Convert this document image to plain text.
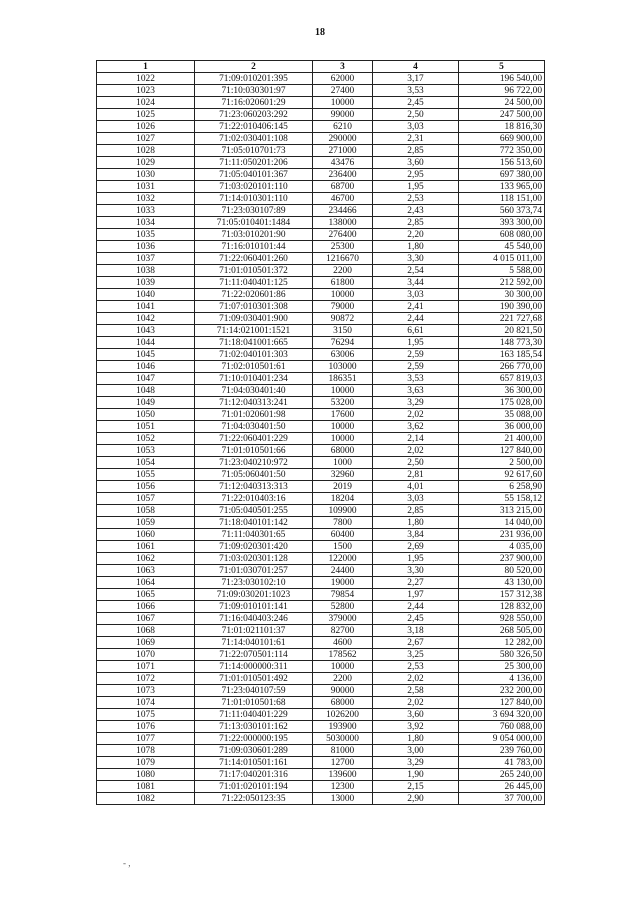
18
1	2	3	4	5
1022	71:09:010201:395	62000	3,17	196 540,00
1023	71:10:030301:97	27400	3,53	96 722,00
1024	71:16:020601:29	10000	2,45	24 500,00
1025	71:23:060203:292	99000	2,50	247 500,00
1026	71:22:010406:145	6210	3,03	18 816,30
1027	71:02:030401:108	290000	2,31	669 900,00
1028	71:05:010701:73	271000	2,85	772 350,00
1029	71:11:050201:206	43476	3,60	156 513,60
1030	71:05:040101:367	236400	2,95	697 380,00
1031	71:03:020101:110	68700	1,95	133 965,00
1032	71:14:010301:110	46700	2,53	118 151,00
1033	71:23:030107:89	234466	2,43	560 373,74
1034	71:05:010401:1484	138000	2,85	393 300,00
1035	71:03:010201:90	276400	2,20	608 080,00
1036	71:16:010101:44	25300	1,80	45 540,00
1037	71:22:060401:260	1216670	3,30	4 015 011,00
1038	71:01:010501:372	2200	2,54	5 588,00
1039	71:11:040401:125	61800	3,44	212 592,00
1040	71:22:020601:86	10000	3,03	30 300,00
1041	71:07:010301:308	79000	2,41	190 390,00
1042	71:09:030401:900	90872	2,44	221 727,68
1043	71:14:021001:1521	3150	6,61	20 821,50
1044	71:18:041001:665	76294	1,95	148 773,30
1045	71:02:040101:303	63006	2,59	163 185,54
1046	71:02:010501:61	103000	2,59	266 770,00
1047	71:10:010401:234	186351	3,53	657 819,03
1048	71:04:030401:40	10000	3,63	36 300,00
1049	71:12:040313:241	53200	3,29	175 028,00
1050	71:01:020601:98	17600	2,02	35 088,00
1051	71:04:030401:50	10000	3,62	36 000,00
1052	71:22:060401:229	10000	2,14	21 400,00
1053	71:01:010501:66	68000	2,02	127 840,00
1054	71:23:040210:972	1000	2,50	2 500,00
1055	71:05:060401:50	32960	2,81	92 617,60
1056	71:12:040313:313	2019	4,01	6 258,90
1057	71:22:010403:16	18204	3,03	55 158,12
1058	71:05:040501:255	109900	2,85	313 215,00
1059	71:18:040101:142	7800	1,80	14 040,00
1060	71:11:040301:65	60400	3,84	231 936,00
1061	71:09:020301:420	1500	2,69	4 035,00
1062	71:03:020301:128	122000	1,95	237 900,00
1063	71:01:030701:257	24400	3,30	80 520,00
1064	71:23:030102:10	19000	2,27	43 130,00
1065	71:09:030201:1023	79854	1,97	157 312,38
1066	71:09:010101:141	52800	2,44	128 832,00
1067	71:16:040403:246	379000	2,45	928 550,00
1068	71:01:021101:37	82700	3,18	268 505,00
1069	71:14:040101:61	4600	2,67	12 282,00
1070	71:22:070501:114	178562	3,25	580 326,50
1071	71:14:000000:311	10000	2,53	25 300,00
1072	71:01:010501:492	2200	2,02	4 136,00
1073	71:23:040107:59	90000	2,58	232 200,00
1074	71:01:010501:68	68000	2,02	127 840,00
1075	71:11:040401:229	1026200	3,60	3 694 320,00
1076	71:13:030101:162	193900	3,92	760 088,00
1077	71:22:000000:195	5030000	1,80	9 054 000,00
1078	71:09:030601:289	81000	3,00	239 760,00
1079	71:14:010501:161	12700	3,29	41 783,00
1080	71:17:040201:316	139600	1,90	265 240,00
1081	71:01:020101:194	12300	2,15	26 445,00
1082	71:22:050123:35	13000	2,90	37 700,00
- ,
